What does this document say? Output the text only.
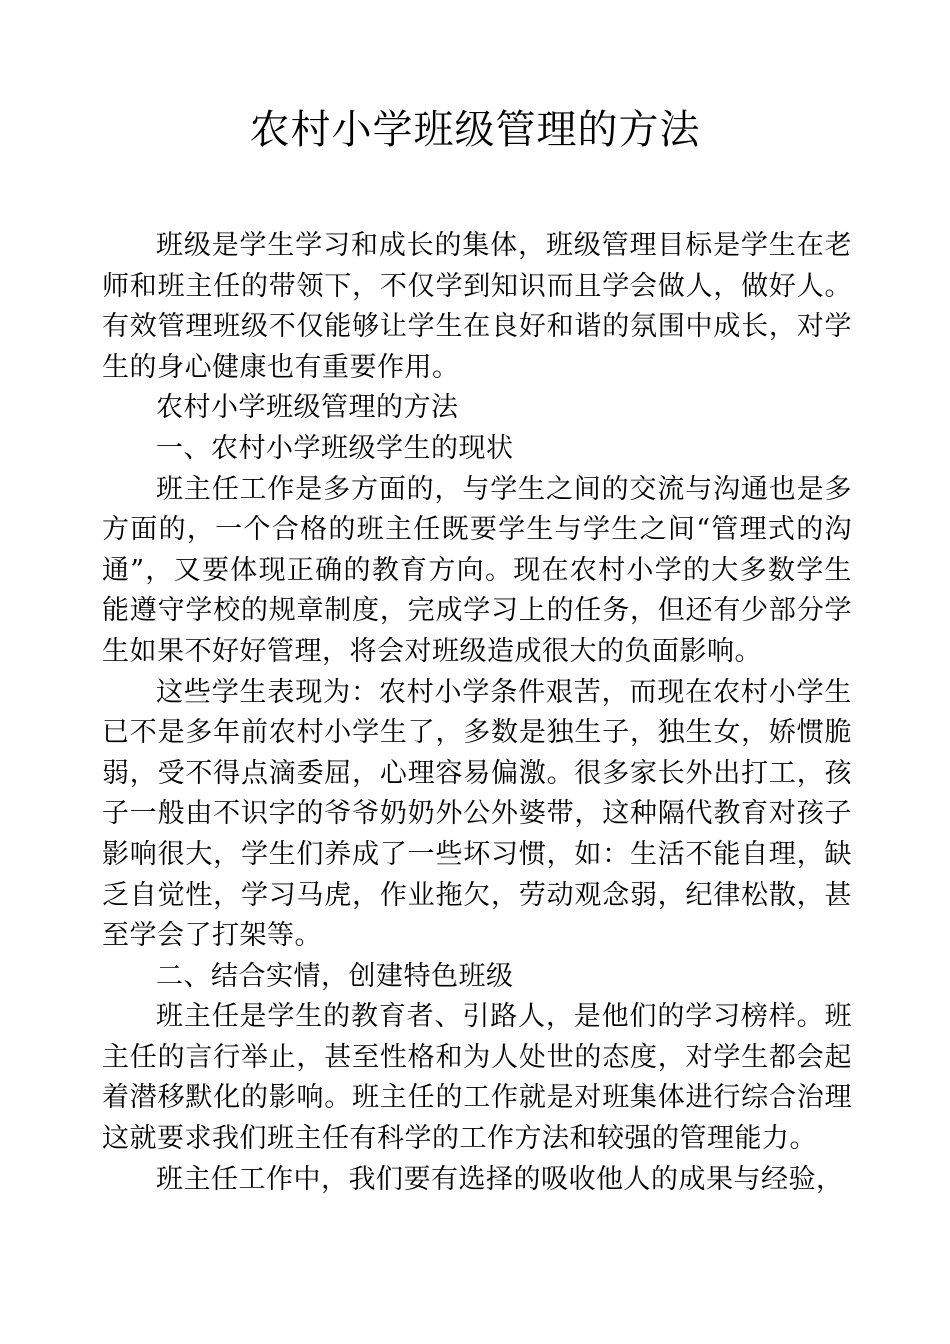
农村小学班级管理的方法

班级是学生学习和成长的集体，班级管理目标是学生在老师和班主任的带领下，不仅学到知识而且学会做人，做好人。有效管理班级不仅能够让学生在良好和谐的氛围中成长，对学生的身心健康也有重要作用。

农村小学班级管理的方法

一、农村小学班级学生的现状

班主任工作是多方面的，与学生之间的交流与沟通也是多方面的，一个合格的班主任既要学生与学生之间“管理式的沟通”，又要体现正确的教育方向。现在农村小学的大多数学生能遵守学校的规章制度，完成学习上的任务，但还有少部分学生如果不好好管理，将会对班级造成很大的负面影响。

这些学生表现为：农村小学条件艰苦，而现在农村小学生已不是多年前农村小学生了，多数是独生子，独生女，娇惯脆弱，受不得点滴委屈，心理容易偏激。很多家长外出打工，孩子一般由不识字的爷爷奶奶外公外婆带，这种隔代教育对孩子影响很大，学生们养成了一些坏习惯，如：生活不能自理，缺乏自觉性，学习马虎，作业拖欠，劳动观念弱，纪律松散，甚至学会了打架等。

二、结合实情，创建特色班级

班主任是学生的教育者、引路人，是他们的学习榜样。班主任的言行举止，甚至性格和为人处世的态度，对学生都会起着潜移默化的影响。班主任的工作就是对班集体进行综合治理这就要求我们班主任有科学的工作方法和较强的管理能力。

班主任工作中，我们要有选择的吸收他人的成果与经验，
